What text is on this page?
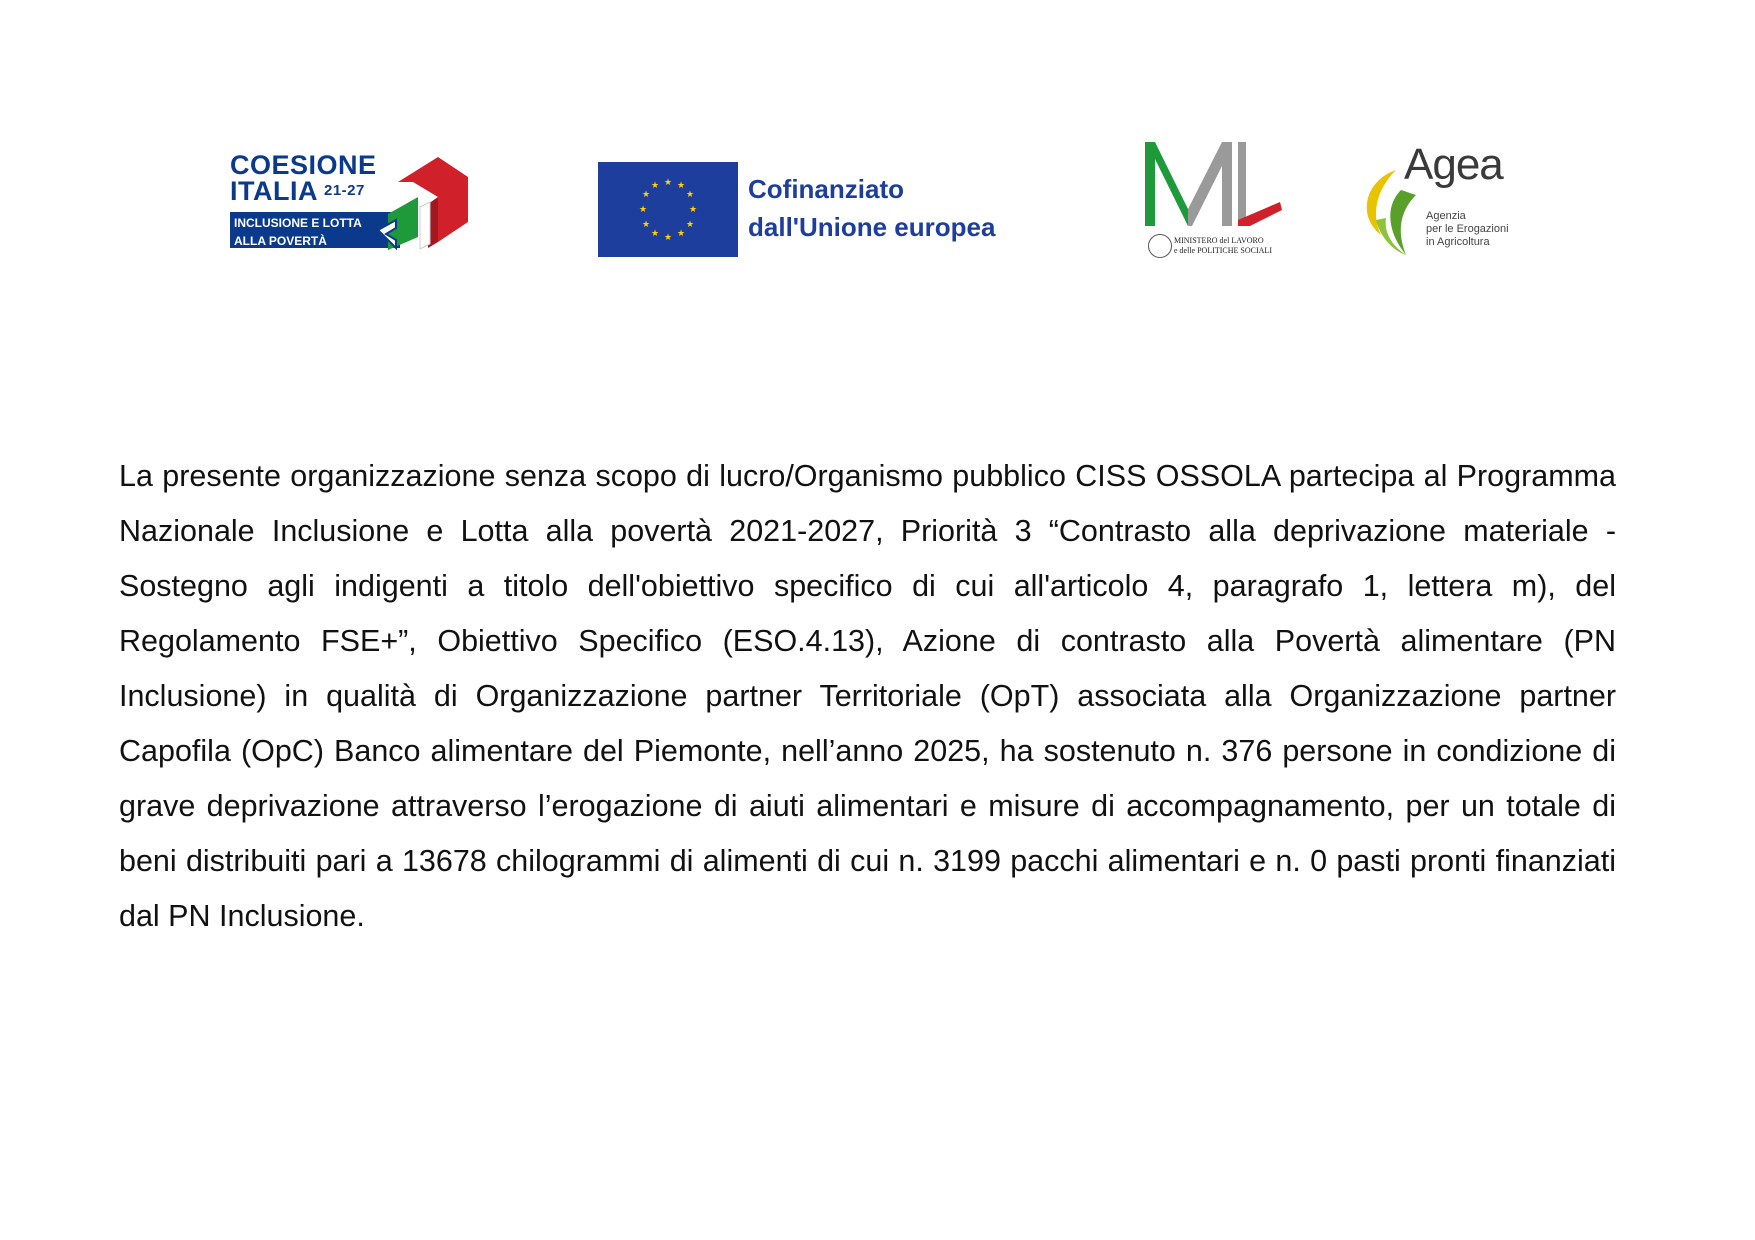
COESIONE
ITALIA $^{21-27}$
INCLUSIONE E LOTTA
ALLA POVERTÀ
★ ★
★
★
★
★
★
★
★
★
★
★	Cofinanziato
dall'Unione europea	MINISTERO del LAVORO
e delle POLITICHE SOCIALI
Agea
Agenzia
per le Erogazioni
in Agricoltura

La presente organizzazione senza scopo di lucro/Organismo pubblico CISS OSSOLA partecipa al Programma Nazionale Inclusione e Lotta alla povertà 2021-2027, Priorità 3 “Contrasto alla deprivazione materiale - Sostegno agli indigenti a titolo dell'obiettivo specifico di cui all'articolo 4, paragrafo 1, lettera m), del Regolamento FSE+”, Obiettivo Specifico (ESO.4.13), Azione di contrasto alla Povertà alimentare (PN Inclusione) in qualità di Organizzazione partner Territoriale (OpT) associata alla Organizzazione partner Capofila (OpC) Banco alimentare del Piemonte, nell’anno 2025, ha sostenuto n. 376 persone in condizione di grave deprivazione attraverso l’erogazione di aiuti alimentari e misure di accompagnamento, per un totale di beni distribuiti pari a 13678 chilogrammi di alimenti di cui n. 3199 pacchi alimentari e n. 0 pasti pronti finanziati dal PN Inclusione.
